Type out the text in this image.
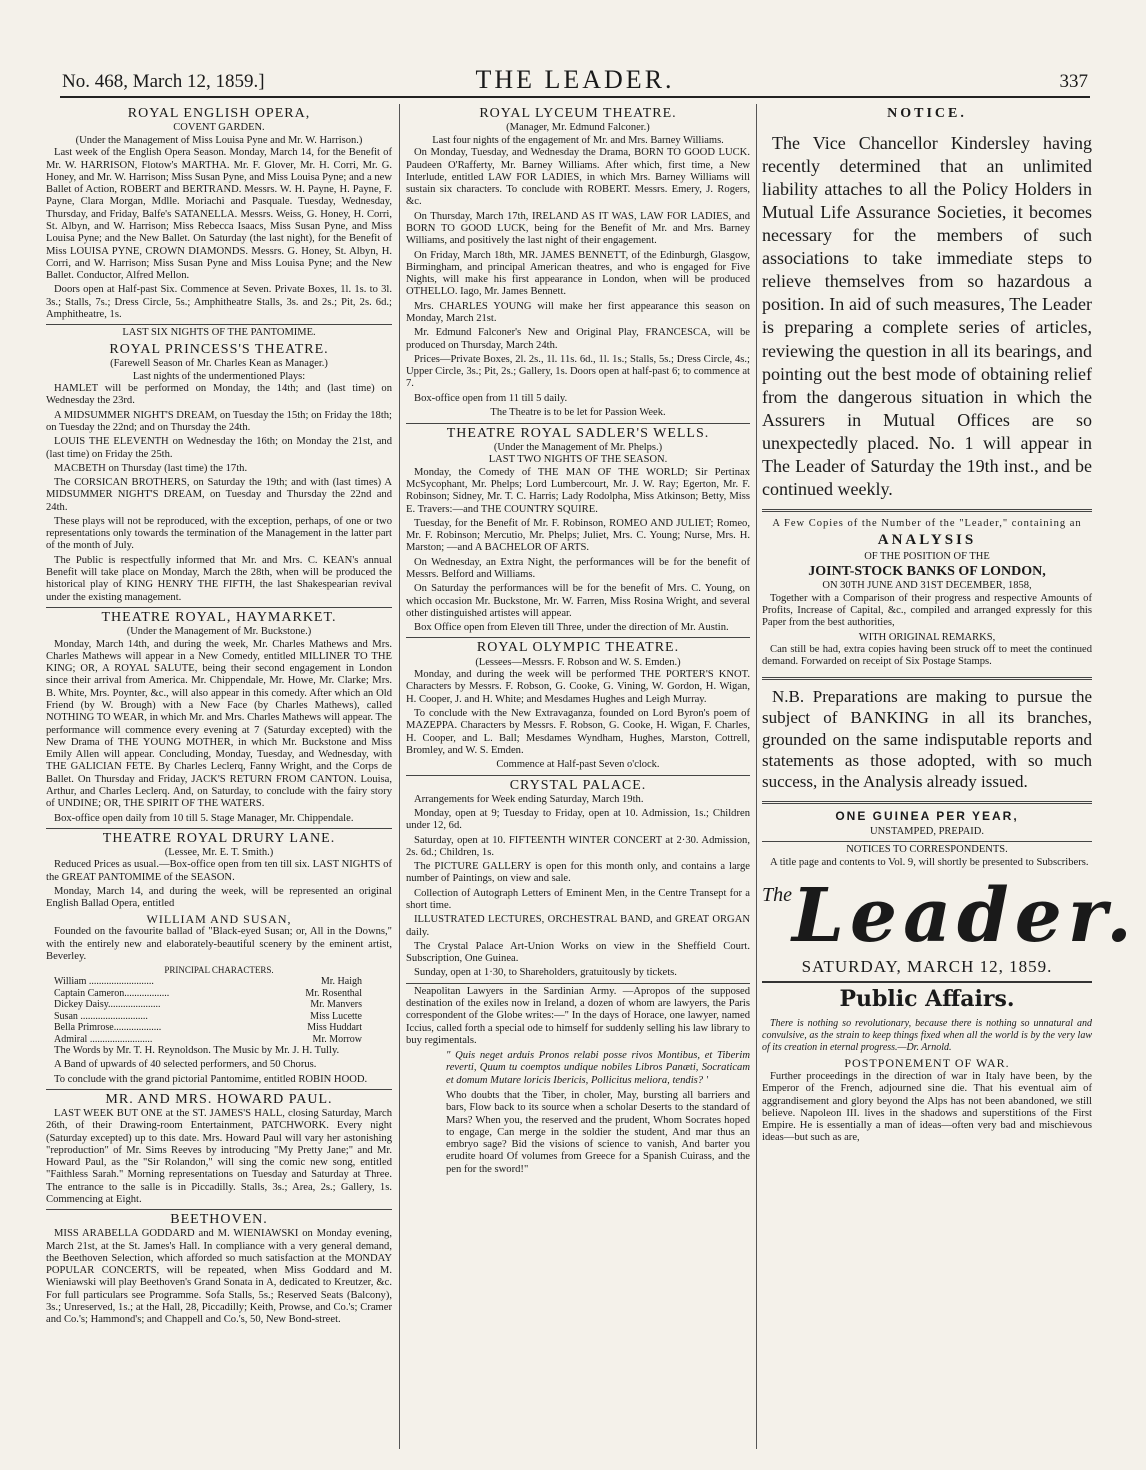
No. 468, March 12, 1859.]	THE LEADER.	337
ROYAL ENGLISH OPERA,
COVENT GARDEN.
(Under the Management of Miss Louisa Pyne and Mr. W. Harrison.)

Last week of the English Opera Season. Monday, March 14, for the Benefit of Mr. W. HARRISON, Flotow's MARTHA. Mr. F. Glover, Mr. H. Corri, Mr. G. Honey, and Mr. W. Harrison; Miss Susan Pyne, and Miss Louisa Pyne; and a new Ballet of Action, ROBERT and BERTRAND. Messrs. W. H. Payne, H. Payne, F. Payne, Clara Morgan, Mdlle. Moriachi and Pasquale. Tuesday, Wednesday, Thursday, and Friday, Balfe's SATANELLA. Messrs. Weiss, G. Honey, H. Corri, St. Albyn, and W. Harrison; Miss Rebecca Isaacs, Miss Susan Pyne, and Miss Louisa Pyne; and the New Ballet. On Saturday (the last night), for the Benefit of Miss LOUISA PYNE, CROWN DIAMONDS. Messrs. G. Honey, St. Albyn, H. Corri, and W. Harrison; Miss Susan Pyne and Miss Louisa Pyne; and the New Ballet. Conductor, Alfred Mellon.

Doors open at Half-past Six. Commence at Seven. Private Boxes, 1l. 1s. to 3l. 3s.; Stalls, 7s.; Dress Circle, 5s.; Amphitheatre Stalls, 3s. and 2s.; Pit, 2s. 6d.; Amphitheatre, 1s.

LAST SIX NIGHTS OF THE PANTOMIME.
ROYAL PRINCESS'S THEATRE.
(Farewell Season of Mr. Charles Kean as Manager.)
Last nights of the undermentioned Plays:

HAMLET will be performed on Monday, the 14th; and (last time) on Wednesday the 23rd.

A MIDSUMMER NIGHT'S DREAM, on Tuesday the 15th; on Friday the 18th; on Tuesday the 22nd; and on Thursday the 24th.

LOUIS THE ELEVENTH on Wednesday the 16th; on Monday the 21st, and (last time) on Friday the 25th.

MACBETH on Thursday (last time) the 17th.

The CORSICAN BROTHERS, on Saturday the 19th; and with (last times) A MIDSUMMER NIGHT'S DREAM, on Tuesday and Thursday the 22nd and 24th.

These plays will not be reproduced, with the exception, perhaps, of one or two representations only towards the termination of the Management in the latter part of the month of July.

The Public is respectfully informed that Mr. and Mrs. C. KEAN's annual Benefit will take place on Monday, March the 28th, when will be produced the historical play of KING HENRY THE FIFTH, the last Shakespearian revival under the existing management.

THEATRE ROYAL, HAYMARKET.
(Under the Management of Mr. Buckstone.)

Monday, March 14th, and during the week, Mr. Charles Mathews and Mrs. Charles Mathews will appear in a New Comedy, entitled MILLINER TO THE KING; OR, A ROYAL SALUTE, being their second engagement in London since their arrival from America. Mr. Chippendale, Mr. Howe, Mr. Clarke; Mrs. B. White, Mrs. Poynter, &c., will also appear in this comedy. After which an Old Friend (by W. Brough) with a New Face (by Charles Mathews), called NOTHING TO WEAR, in which Mr. and Mrs. Charles Mathews will appear. The performance will commence every evening at 7 (Saturday excepted) with the New Drama of THE YOUNG MOTHER, in which Mr. Buckstone and Miss Emily Allen will appear. Concluding, Monday, Tuesday, and Wednesday, with THE GALICIAN FETE. By Charles Leclerq, Fanny Wright, and the Corps de Ballet. On Thursday and Friday, JACK'S RETURN FROM CANTON. Louisa, Arthur, and Charles Leclerq. And, on Saturday, to conclude with the fairy story of UNDINE; OR, THE SPIRIT OF THE WATERS.

Box-office open daily from 10 till 5. Stage Manager, Mr. Chippendale.

THEATRE ROYAL DRURY LANE.
(Lessee, Mr. E. T. Smith.)

Reduced Prices as usual.—Box-office open from ten till six. LAST NIGHTS of the GREAT PANTOMIME of the SEASON.

Monday, March 14, and during the week, will be represented an original English Ballad Opera, entitled

WILLIAM AND SUSAN,

Founded on the favourite ballad of "Black-eyed Susan; or, All in the Downs," with the entirely new and elaborately-beautiful scenery by the eminent artist, Beverley.

PRINCIPAL CHARACTERS.
William ..........................	Mr. Haigh
Captain Cameron..................	Mr. Rosenthal
Dickey Daisy.....................	Mr. Manvers
Susan ...........................	Miss Lucette
Bella Primrose...................	Miss Huddart
Admiral .........................	Mr. Morrow

The Words by Mr. T. H. Reynoldson. The Music by Mr. J. H. Tully.

A Band of upwards of 40 selected performers, and 50 Chorus.

To conclude with the grand pictorial Pantomime, entitled ROBIN HOOD.

MR. AND MRS. HOWARD PAUL.

LAST WEEK BUT ONE at the ST. JAMES'S HALL, closing Saturday, March 26th, of their Drawing-room Entertainment, PATCHWORK. Every night (Saturday excepted) up to this date. Mrs. Howard Paul will vary her astonishing "reproduction" of Mr. Sims Reeves by introducing "My Pretty Jane;" and Mr. Howard Paul, as the "Sir Rolandon," will sing the comic new song, entitled "Faithless Sarah." Morning representations on Tuesday and Saturday at Three. The entrance to the salle is in Piccadilly. Stalls, 3s.; Area, 2s.; Gallery, 1s. Commencing at Eight.

BEETHOVEN.

MISS ARABELLA GODDARD and M. WIENIAWSKI on Monday evening, March 21st, at the St. James's Hall. In compliance with a very general demand, the Beethoven Selection, which afforded so much satisfaction at the MONDAY POPULAR CONCERTS, will be repeated, when Miss Goddard and M. Wieniawski will play Beethoven's Grand Sonata in A, dedicated to Kreutzer, &c. For full particulars see Programme. Sofa Stalls, 5s.; Reserved Seats (Balcony), 3s.; Unreserved, 1s.; at the Hall, 28, Piccadilly; Keith, Prowse, and Co.'s; Cramer and Co.'s; Hammond's; and Chappell and Co.'s, 50, New Bond-street.

ROYAL LYCEUM THEATRE.
(Manager, Mr. Edmund Falconer.)
Last four nights of the engagement of Mr. and Mrs. Barney Williams.

On Monday, Tuesday, and Wednesday the Drama, BORN TO GOOD LUCK. Paudeen O'Rafferty, Mr. Barney Williams. After which, first time, a New Interlude, entitled LAW FOR LADIES, in which Mrs. Barney Williams will sustain six characters. To conclude with ROBERT. Messrs. Emery, J. Rogers, &c.

On Thursday, March 17th, IRELAND AS IT WAS, LAW FOR LADIES, and BORN TO GOOD LUCK, being for the Benefit of Mr. and Mrs. Barney Williams, and positively the last night of their engagement.

On Friday, March 18th, MR. JAMES BENNETT, of the Edinburgh, Glasgow, Birmingham, and principal American theatres, and who is engaged for Five Nights, will make his first appearance in London, when will be produced OTHELLO. Iago, Mr. James Bennett.

Mrs. CHARLES YOUNG will make her first appearance this season on Monday, March 21st.

Mr. Edmund Falconer's New and Original Play, FRANCESCA, will be produced on Thursday, March 24th.

Prices—Private Boxes, 2l. 2s., 1l. 11s. 6d., 1l. 1s.; Stalls, 5s.; Dress Circle, 4s.; Upper Circle, 3s.; Pit, 2s.; Gallery, 1s. Doors open at half-past 6; to commence at 7.

Box-office open from 11 till 5 daily.

The Theatre is to be let for Passion Week.
THEATRE ROYAL SADLER'S WELLS.
(Under the Management of Mr. Phelps.)
LAST TWO NIGHTS OF THE SEASON.

Monday, the Comedy of THE MAN OF THE WORLD; Sir Pertinax McSycophant, Mr. Phelps; Lord Lumbercourt, Mr. J. W. Ray; Egerton, Mr. F. Robinson; Sidney, Mr. T. C. Harris; Lady Rodolpha, Miss Atkinson; Betty, Miss E. Travers:—and THE COUNTRY SQUIRE.

Tuesday, for the Benefit of Mr. F. Robinson, ROMEO AND JULIET; Romeo, Mr. F. Robinson; Mercutio, Mr. Phelps; Juliet, Mrs. C. Young; Nurse, Mrs. H. Marston; —and A BACHELOR OF ARTS.

On Wednesday, an Extra Night, the performances will be for the benefit of Messrs. Belford and Williams.

On Saturday the performances will be for the benefit of Mrs. C. Young, on which occasion Mr. Buckstone, Mr. W. Farren, Miss Rosina Wright, and several other distinguished artistes will appear.

Box Office open from Eleven till Three, under the direction of Mr. Austin.

ROYAL OLYMPIC THEATRE.
(Lessees—Messrs. F. Robson and W. S. Emden.)

Monday, and during the week will be performed THE PORTER'S KNOT. Characters by Messrs. F. Robson, G. Cooke, G. Vining, W. Gordon, H. Wigan, H. Cooper, J. and H. White; and Mesdames Hughes and Leigh Murray.

To conclude with the New Extravaganza, founded on Lord Byron's poem of MAZEPPA. Characters by Messrs. F. Robson, G. Cooke, H. Wigan, F. Charles, H. Cooper, and L. Ball; Mesdames Wyndham, Hughes, Marston, Cottrell, Bromley, and W. S. Emden.

Commence at Half-past Seven o'clock.
CRYSTAL PALACE.

Arrangements for Week ending Saturday, March 19th.

Monday, open at 9; Tuesday to Friday, open at 10. Admission, 1s.; Children under 12, 6d.

Saturday, open at 10. FIFTEENTH WINTER CONCERT at 2·30. Admission, 2s. 6d.; Children, 1s.

The PICTURE GALLERY is open for this month only, and contains a large number of Paintings, on view and sale.

Collection of Autograph Letters of Eminent Men, in the Centre Transept for a short time.

ILLUSTRATED LECTURES, ORCHESTRAL BAND, and GREAT ORGAN daily.

The Crystal Palace Art-Union Works on view in the Sheffield Court. Subscription, One Guinea.

Sunday, open at 1·30, to Shareholders, gratuitously by tickets.

Neapolitan Lawyers in the Sardinian Army. —Apropos of the supposed destination of the exiles now in Ireland, a dozen of whom are lawyers, the Paris correspondent of the Globe writes:—" In the days of Horace, one lawyer, named Iccius, called forth a special ode to himself for suddenly selling his law library to buy regimentals.

" Quis neget arduis Pronos relabi posse rivos Montibus, et Tiberim reverti, Quum tu coemptos undique nobiles Libros Panæti, Socraticam et domum Mutare loricis Ibericis, Pollicitus meliora, tendis? '
Who doubts that the Tiber, in choler, May, bursting all barriers and bars, Flow back to its source when a scholar Deserts to the standard of Mars? When you, the reserved and the prudent, Whom Socrates hoped to engage, Can merge in the soldier the student, And mar thus an embryo sage? Bid the visions of science to vanish, And barter you erudite hoard Of volumes from Greece for a Spanish Cuirass, and the pen for the sword!"
NOTICE.

The Vice Chancellor Kindersley having recently determined that an unlimited liability attaches to all the Policy Holders in Mutual Life Assurance Societies, it becomes necessary for the members of such associations to take immediate steps to relieve themselves from so hazardous a position. In aid of such measures, The Leader is preparing a complete series of articles, reviewing the question in all its bearings, and pointing out the best mode of obtaining relief from the dangerous situation in which the Assurers in Mutual Offices are so unexpectedly placed. No. 1 will appear in The Leader of Saturday the 19th inst., and be continued weekly.

A Few Copies of the Number of the "Leader," containing an
ANALYSIS
OF THE POSITION OF THE
JOINT-STOCK BANKS OF LONDON,
ON 30TH JUNE AND 31ST DECEMBER, 1858,

Together with a Comparison of their progress and respective Amounts of Profits, Increase of Capital, &c., compiled and arranged expressly for this Paper from the best authorities,

WITH ORIGINAL REMARKS,

Can still be had, extra copies having been struck off to meet the continued demand. Forwarded on receipt of Six Postage Stamps.

N.B. Preparations are making to pursue the subject of BANKING in all its branches, grounded on the same indisputable reports and statements as those adopted, with so much success, in the Analysis already issued.

ONE GUINEA PER YEAR,
UNSTAMPED, PREPAID.
NOTICES TO CORRESPONDENTS.

A title page and contents to Vol. 9, will shortly be presented to Subscribers.

TheLeader.
SATURDAY, MARCH 12, 1859.
Public Affairs.

There is nothing so revolutionary, because there is nothing so unnatural and convulsive, as the strain to keep things fixed when all the world is by the very law of its creation in eternal progress.—Dr. Arnold.

POSTPONEMENT OF WAR.

Further proceedings in the direction of war in Italy have been, by the Emperor of the French, adjourned sine die. That his eventual aim of aggrandisement and glory beyond the Alps has not been abandoned, we still believe. Napoleon III. lives in the shadows and superstitions of the First Empire. He is essentially a man of ideas—often very bad and mischievous ideas—but such as are,
